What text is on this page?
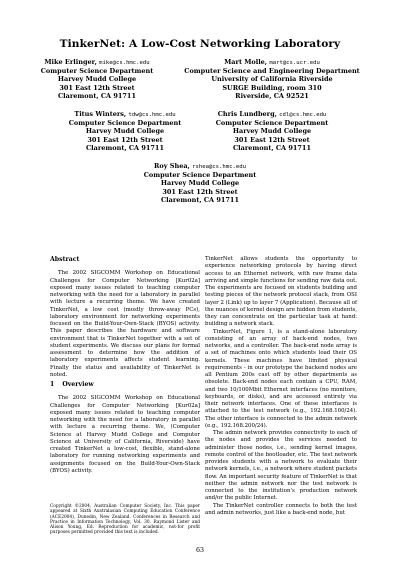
TinkerNet: A Low-Cost Networking Laboratory
Mike Erlinger, mike@cs.hmc.edu
Computer Science Department
Harvey Mudd College
301 East 12th Street
Claremont, CA 91711
Mart Molle, mart@cs.ucr.edu
Computer Science and Engineering Department
University of California Riverside
SURGE Building, room 310
Riverside, CA 92521
Titus Winters, tdw@cs.hmc.edu
Computer Science Department
Harvey Mudd College
301 East 12th Street
Claremont, CA 91711
Chris Lundberg, cdl@cs.hmc.edu
Computer Science Department
Harvey Mudd College
301 East 12th Street
Claremont, CA 91711
Roy Shea, rshea@cs.hmc.edu
Computer Science Department
Harvey Mudd College
301 East 12th Street
Claremont, CA 91711

Abstract

The 2002 SIGCOMM Workshop on Educational Challenges for Computer Networking [Kur02a] exposed many issues related to teaching computer networking with the need for a laboratory in parallel with lecture a recurring theme. We have created TinkerNet, a low cost (mostly throw-away PCs), laboratory environment for networking experiments focused on the Build-Your-Own-Stack (BYOS) activity. This paper describes the hardware and software environment that is TinkerNet together with a set of student experiments. We discuss our plans for formal assessment to determine how the addition of laboratory experiments affects student learning. Finally the status and availability of TinkerNet is noted.

1 Overview

The 2002 SIGCOMM Workshop on Educational Challenges for Computer Networking [Kur02a] exposed many issues related to teaching computer networking with the need for a laboratory in parallel with lecture a recurring theme. We, (Computer Science at Harvey Mudd College and Computer Science at University of California, Riverside) have created TinkerNet a low-cost, flexible, stand-alone laboratory for running networking experiments and assignments focused on the Build-Your-Own-Stack (BYOS) activity.

Copyright ©2004, Australian Computer Society, Inc. This paper appeared at Sixth Australasian Computing Education Conference (ACE2004), Dunedin, New Zealand. Conferences in Research and Practice in Information Technology, Vol. 30. Raymond Lister and Alison Young, Ed. Reproduction for academic, not-for profit purposes permitted provided this text is included.

TinkerNet allows students the opportunity to experience networking protocols by having direct access to an Ethernet network, with raw frame data arriving and simple functions for sending raw data out. The experiments are focused on students building and testing pieces of the network protocol stack, from OSI layer 2 (Link) up to layer 7 (Application). Because all of the nuances of kernel design are hidden from students, they can concentrate on the particular task at hand: building a network stack.

TinkerNet, Figure 1, is a stand-alone laboratory consisting of an array of back-end nodes, two networks, and a controller. The back-end node array is a set of machines onto which students load their OS kernels. These machines have limited physical requirements - in our prototype the backend nodes are all Pentium 200s cast off by other departments as obsolete. Back-end nodes each contain a CPU, RAM, and two 10/100Mbit Ethernet interfaces (no monitors, keyboards, or disks), and are accessed entirely via their network interfaces. One of these interfaces is attached to the test network (e.g., 192.168.100/24). The other interface is connected to the admin network (e.g., 192.168.200/24).

The admin network provides connectivity to each of the nodes and provides the services needed to administer those nodes, i.e., sending kernel images, remote control of the bootloader, etc. The test network provides students with a network to evaluate their network kernels, i.e., a network where student packets flow. An important security feature of TinkerNet is that neither the admin network nor the test network is connected to the institution's production network and/or the public Internet.

The TinkerNet controller connects to both the test and admin networks, just like a back-end node, but

63
